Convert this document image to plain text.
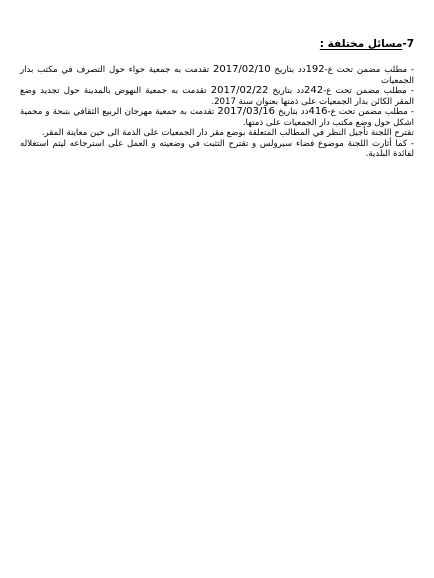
7-مسائل مختلفة :

- مطلب مضمن تحت ع-192دد بتاريخ 2017/02/10 تقدمت به جمعية حواء حول التصرف في مكتب بدار الجمعيات

- مطلب مضمن تحت ع-242دد بتاريخ 2017/02/22 تقدمت به جمعية النهوض بالمدينة حول تجديد وضع المقر الكائن بدار الجمعيات على ذمتها بعنوان سنة 2017.

- مطلب مضمن تحت ع-416دد بتاريخ 2017/03/16 تقدمت به جمعية مهرجان الربيع الثقافي بتبحة و محمية اشكل حول وضع مكتب دار الجمعيات على ذمتها.

تقترح اللجنة تأجيل النظر في المطالب المتعلقة بوضع مقر دار الجمعيات على الذمة الى حين معاينة المقر.

- كما أثارت اللجنة موضوع فضاء سيرولس و تقترح التثبت في وضعيته و العمل على استرجاعه ليتم استغلاله لفائدة البلدية.
